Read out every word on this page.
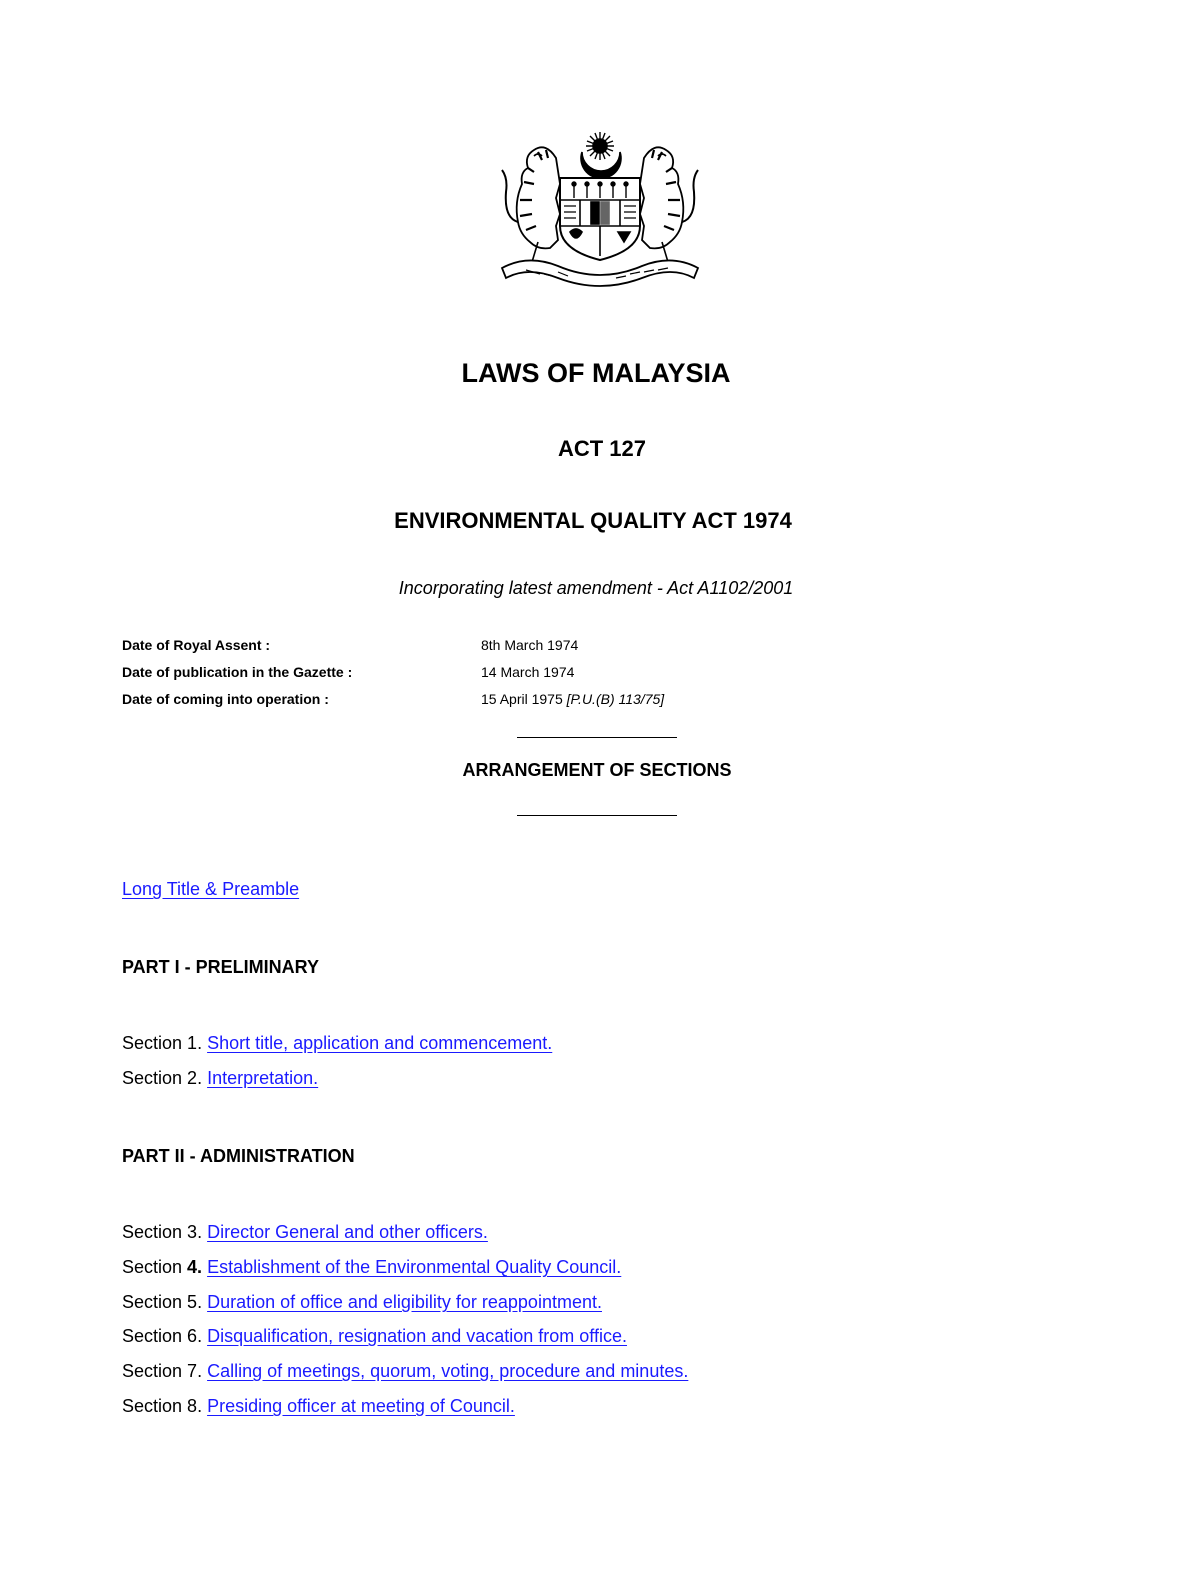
LAWS OF MALAYSIA
ACT 127
ENVIRONMENTAL QUALITY ACT 1974
Incorporating latest amendment - Act A1102/2001
Date of Royal Assent :	8th March 1974
Date of publication in the Gazette :	14 March 1974
Date of coming into operation :	15 April 1975 [P.U.(B) 113/75]
ARRANGEMENT OF SECTIONS
Long Title & Preamble
PART I - PRELIMINARY
Section 1. Short title, application and commencement.
Section 2. Interpretation.
PART II - ADMINISTRATION
Section 3. Director General and other officers.
Section 4. Establishment of the Environmental Quality Council.
Section 5. Duration of office and eligibility for reappointment.
Section 6. Disqualification, resignation and vacation from office.
Section 7. Calling of meetings, quorum, voting, procedure and minutes.
Section 8. Presiding officer at meeting of Council.
